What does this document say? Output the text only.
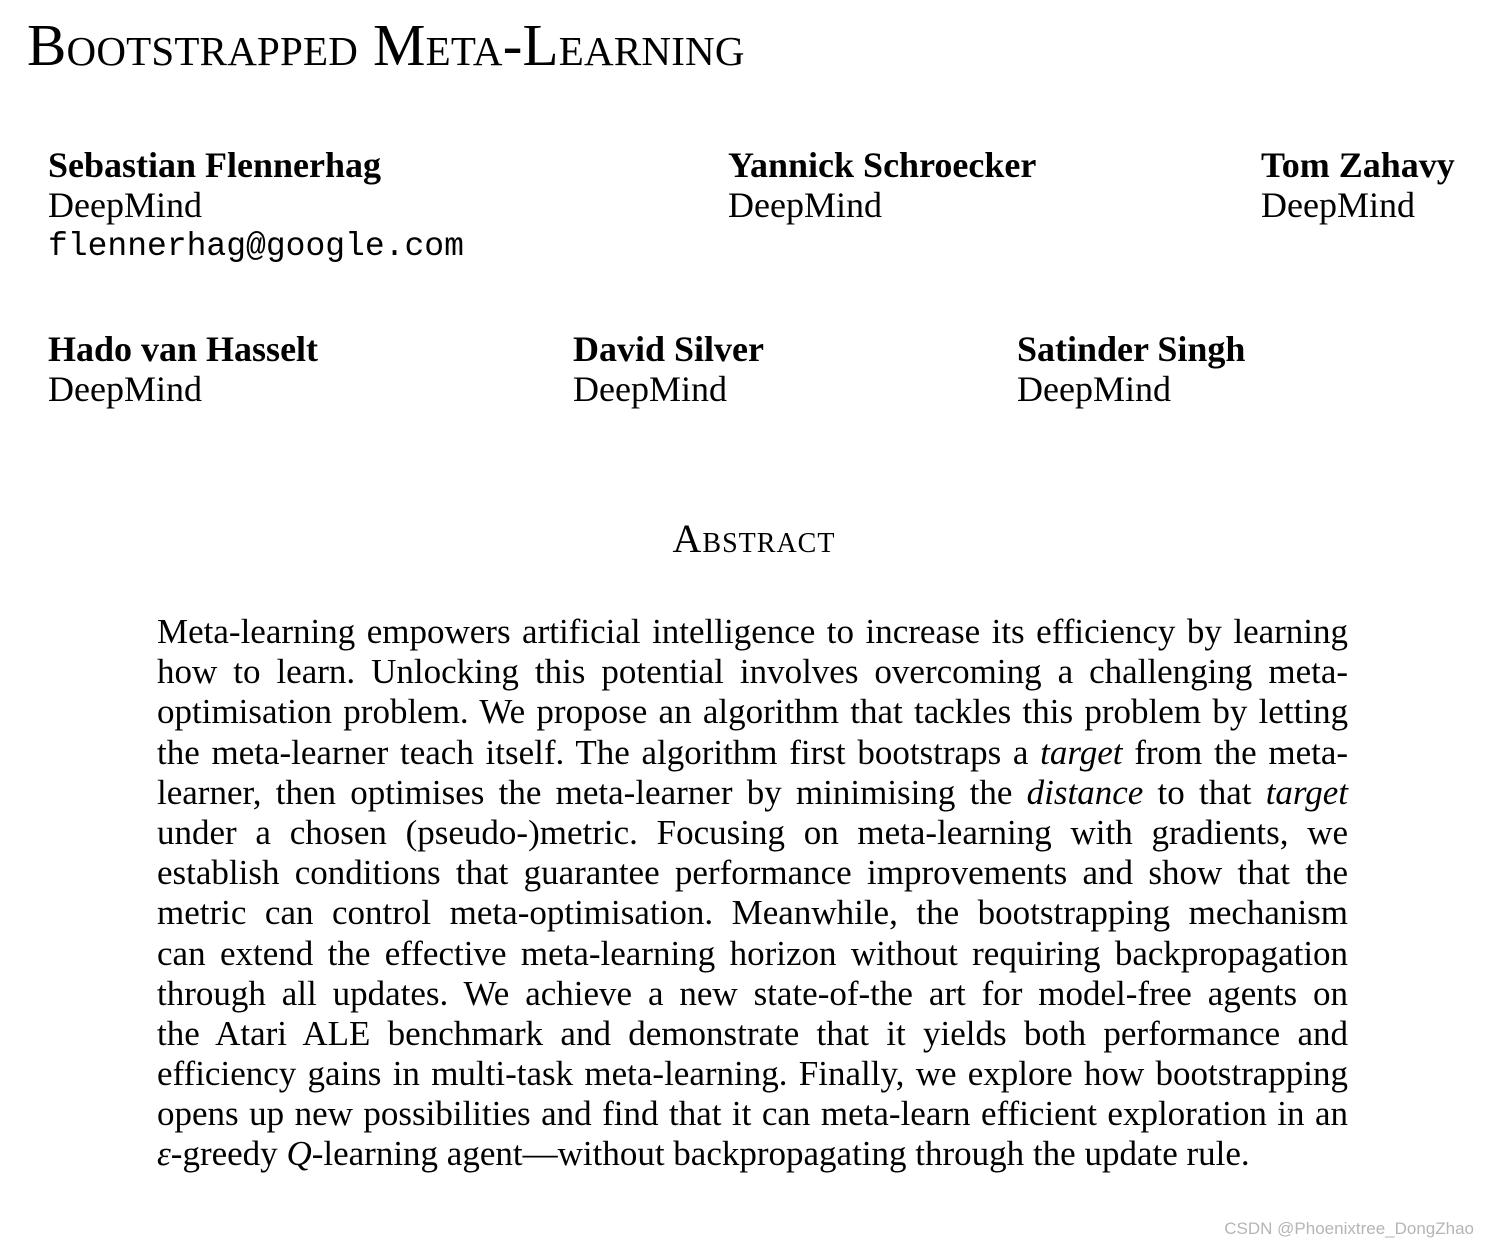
Bootstrapped Meta-Learning
Sebastian Flennerhag
DeepMind
flennerhag@google.com
Yannick Schroecker
DeepMind
Tom Zahavy
DeepMind
Hado van Hasselt
DeepMind
David Silver
DeepMind
Satinder Singh
DeepMind
Abstract
Meta-learning empowers artificial intelligence to increase its efficiency by learning
how to learn. Unlocking this potential involves overcoming a challenging meta-
optimisation problem. We propose an algorithm that tackles this problem by letting
the meta-learner teach itself. The algorithm first bootstraps a target from the meta-
learner, then optimises the meta-learner by minimising the distance to that target
under a chosen (pseudo-)metric. Focusing on meta-learning with gradients, we
establish conditions that guarantee performance improvements and show that the
metric can control meta-optimisation. Meanwhile, the bootstrapping mechanism
can extend the effective meta-learning horizon without requiring backpropagation
through all updates. We achieve a new state-of-the art for model-free agents on
the Atari ALE benchmark and demonstrate that it yields both performance and
efficiency gains in multi-task meta-learning. Finally, we explore how bootstrapping
opens up new possibilities and find that it can meta-learn efficient exploration in an
ε-greedy Q-learning agent—without backpropagating through the update rule.
CSDN @Phoenixtree_DongZhao
